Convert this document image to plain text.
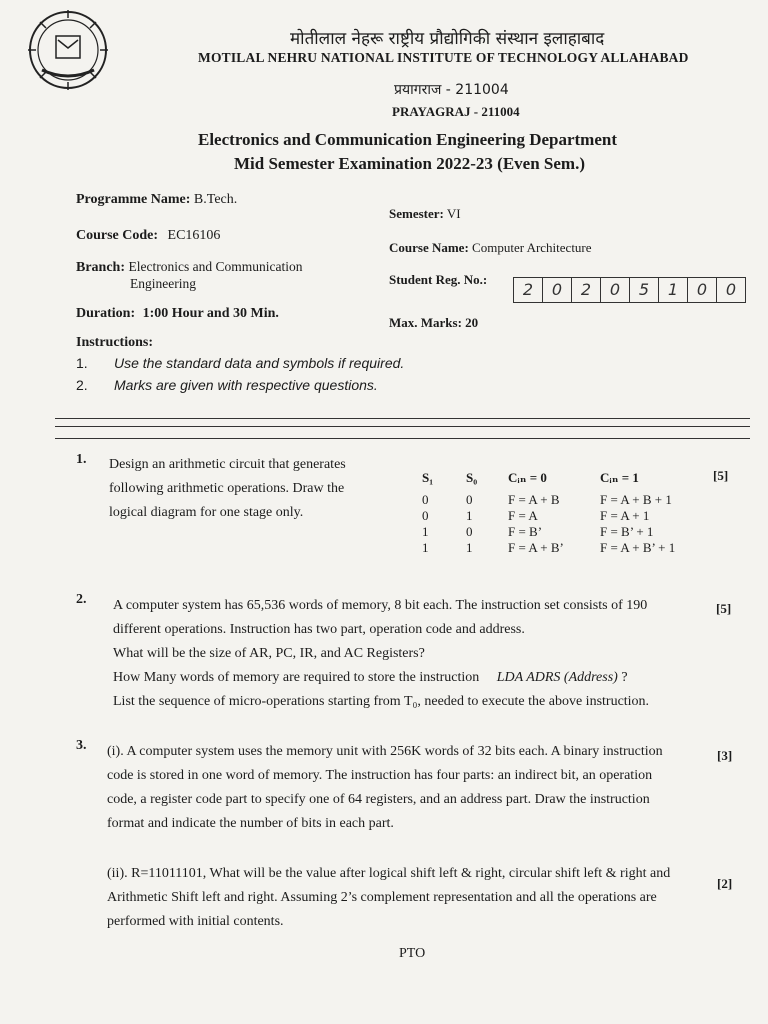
मोतीलाल नेहरू राष्ट्रीय प्रौद्योगिकी संस्थान इलाहाबाद
MOTILAL NEHRU NATIONAL INSTITUTE OF TECHNOLOGY ALLAHABAD
प्रयागराज - 211004
PRAYAGRAJ - 211004
Electronics and Communication Engineering Department
Mid Semester Examination 2022-23 (Even Sem.)
Programme Name: B.Tech.
Semester: VI
Course Code: EC16106
Course Name: Computer Architecture
Branch: Electronics and Communication
Engineering	Student Reg. No.:
2	0	2	0	5	1	0	0
Duration: 1:00 Hour and 30 Min.
Max. Marks: 20
Instructions:
1. Use the standard data and symbols if required.
2. Marks are given with respective questions.
1. Design an arithmetic circuit that generates
following arithmetic operations. Draw the
logical diagram for one stage only.
S₁	S₀	Cᵢₙ = 0	Cᵢₙ = 1
0	0	F = A + B	F = A + B + 1
0	1	F = A	F = A + 1
1	0	F = B’	F = B’ + 1
1	1	F = A + B’	F = A + B’ + 1
[5]
2. A computer system has 65,536 words of memory, 8 bit each. The instruction set consists of 190
different operations. Instruction has two part, operation code and address.
What will be the size of AR, PC, IR, and AC Registers?
How Many words of memory are required to store the instruction LDA ADRS (Address) ?
List the sequence of micro-operations starting from T₀, needed to execute the above instruction.
[5]
3. (i). A computer system uses the memory unit with 256K words of 32 bits each. A binary instruction
code is stored in one word of memory. The instruction has four parts: an indirect bit, an operation
code, a register code part to specify one of 64 registers, and an address part. Draw the instruction
format and indicate the number of bits in each part.
[3]
(ii). R=11011101, What will be the value after logical shift left & right, circular shift left & right and
Arithmetic Shift left and right. Assuming 2’s complement representation and all the operations are
performed with initial contents.
[2]
PTO
